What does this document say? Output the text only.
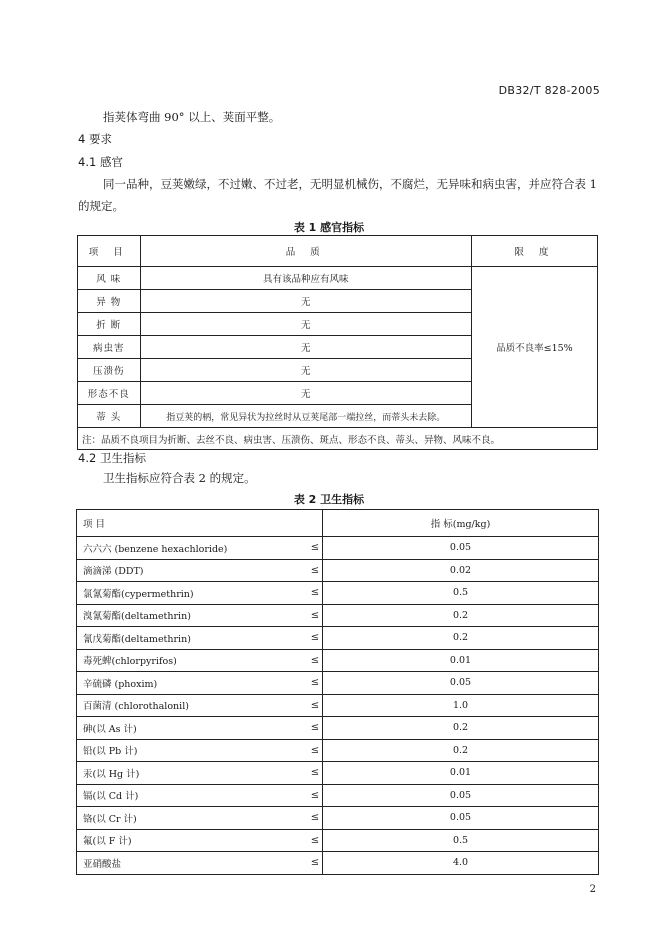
DB32/T 828-2005
指荚体弯曲 90° 以上、荚面平整。
4 要求
4.1 感官
同一品种，豆荚嫩绿，不过嫩、不过老，无明显机械伤，不腐烂，无异味和病虫害，并应符合表 1
的规定。
表 1 感官指标
项 目	品 质	限 度
风 味	具有该品种应有风味	品质不良率≤15%
异 物	无	
折 断	无	
病虫害	无	
压溃伤	无	
形态不良	无	
蒂 头	指豆荚的柄，常见异状为拉丝时从豆荚尾部一端拉丝，而蒂头未去除。	
注：品质不良项目为折断、去丝不良、病虫害、压溃伤、斑点、形态不良、蒂头、异物、风味不良。		
4.2 卫生指标
卫生指标应符合表 2 的规定。
表 2 卫生指标
项 目		指 标(mg/kg)
六六六 (benzene hexachloride)	≤	0.05
滴滴涕 (DDT)	≤	0.02
氯氰菊酯(cypermethrin)	≤	0.5
溴氰菊酯(deltamethrin)	≤	0.2
氰戊菊酯(deltamethrin)	≤	0.2
毒死蜱(chlorpyrifos)	≤	0.01
辛硫磷 (phoxim)	≤	0.05
百菌清 (chlorothalonil)	≤	1.0
砷(以 As 计)	≤	0.2
铅(以 Pb 计)	≤	0.2
汞(以 Hg 计)	≤	0.01
镉(以 Cd 计)	≤	0.05
铬(以 Cr 计)	≤	0.05
氟(以 F 计)	≤	0.5
亚硝酸盐	≤	4.0
2
